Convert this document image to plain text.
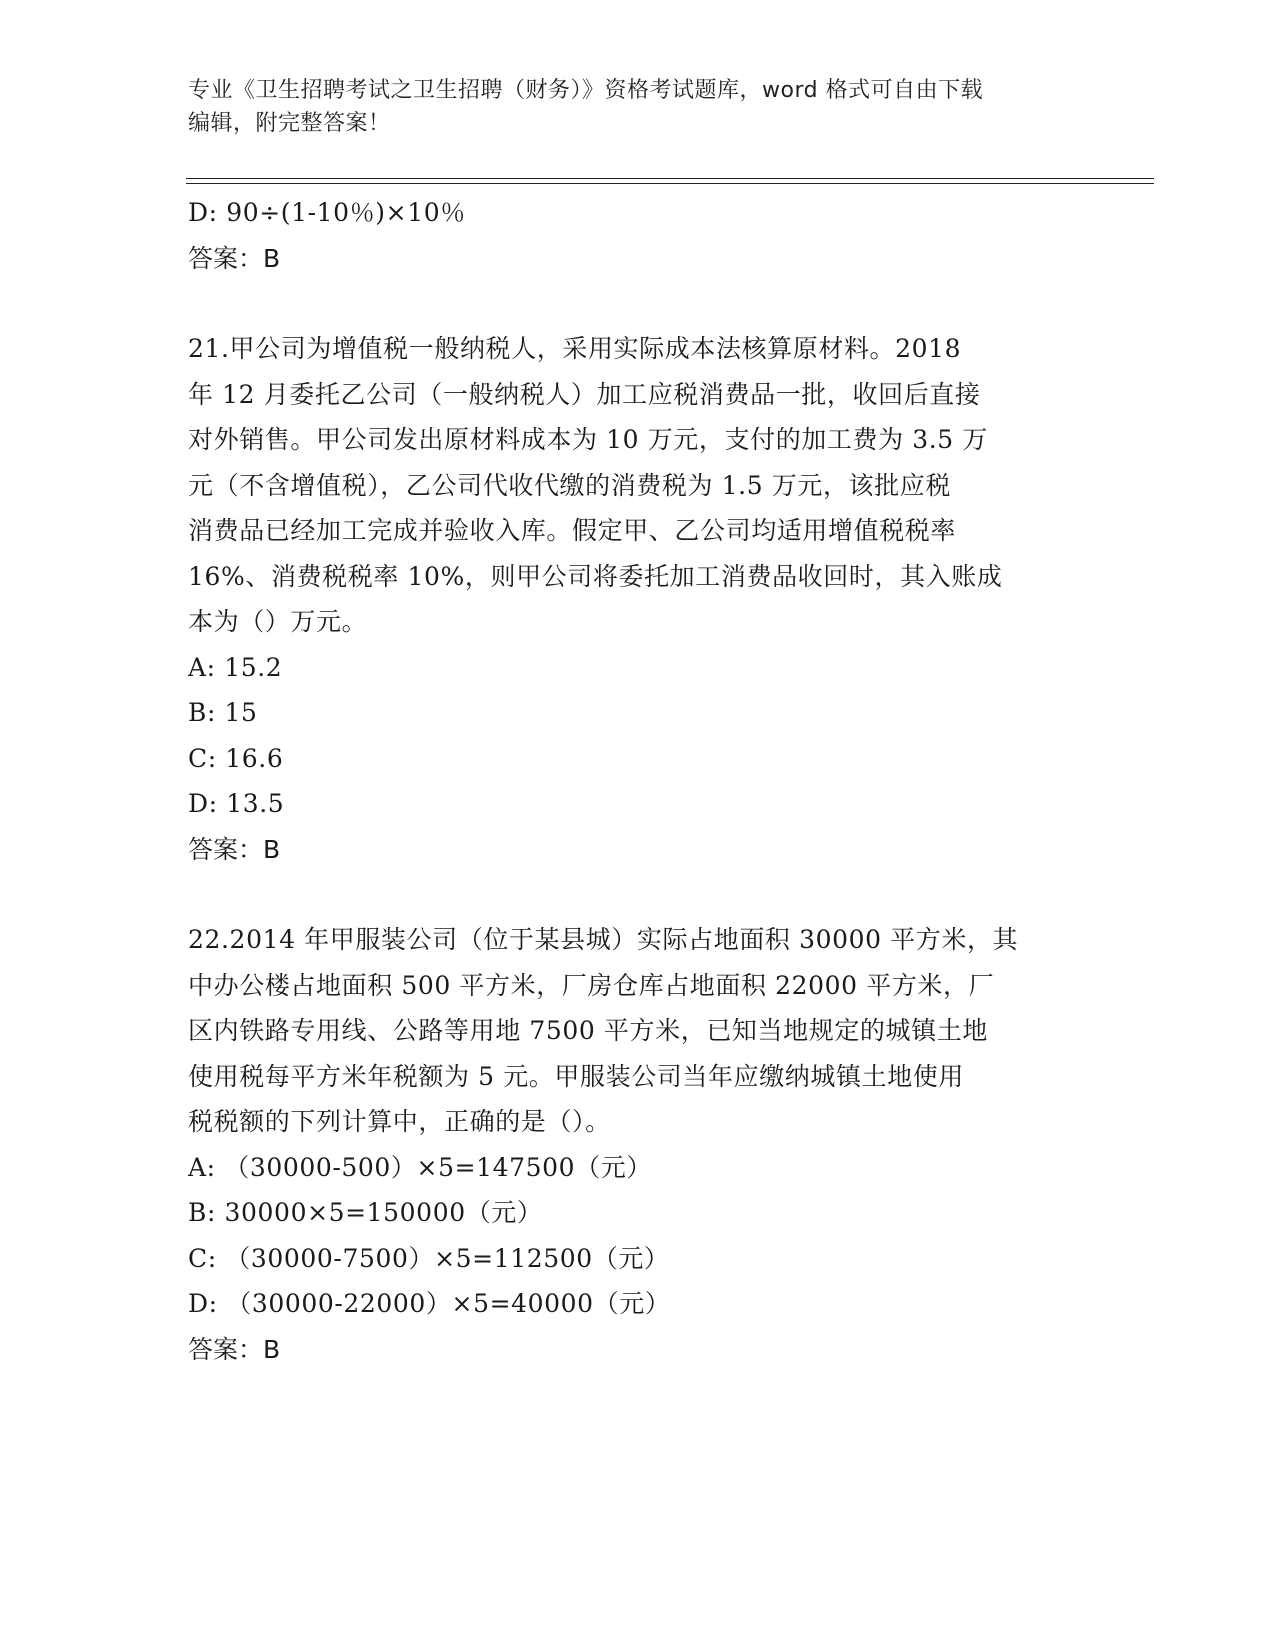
专业《卫生招聘考试之卫生招聘（财务）》资格考试题库，word 格式可自由下载
编辑，附完整答案！
D: 90÷(1-10％)×10％
答案：B
21.甲公司为增值税一般纳税人，采用实际成本法核算原材料。2018
年 12 月委托乙公司（一般纳税人）加工应税消费品一批，收回后直接
对外销售。甲公司发出原材料成本为 10 万元，支付的加工费为 3.5 万
元（不含增值税），乙公司代收代缴的消费税为 1.5 万元，该批应税
消费品已经加工完成并验收入库。假定甲、乙公司均适用增值税税率
16%、消费税税率 10%，则甲公司将委托加工消费品收回时，其入账成
本为（）万元。
A: 15.2
B: 15
C: 16.6
D: 13.5
答案：B
22.2014 年甲服装公司（位于某县城）实际占地面积 30000 平方米，其
中办公楼占地面积 500 平方米，厂房仓库占地面积 22000 平方米，厂
区内铁路专用线、公路等用地 7500 平方米，已知当地规定的城镇土地
使用税每平方米年税额为 5 元。甲服装公司当年应缴纳城镇土地使用
税税额的下列计算中，正确的是（）。
A: （30000-500）×5=147500（元）
B: 30000×5=150000（元）
C: （30000-7500）×5=112500（元）
D: （30000-22000）×5=40000（元）
答案：B
